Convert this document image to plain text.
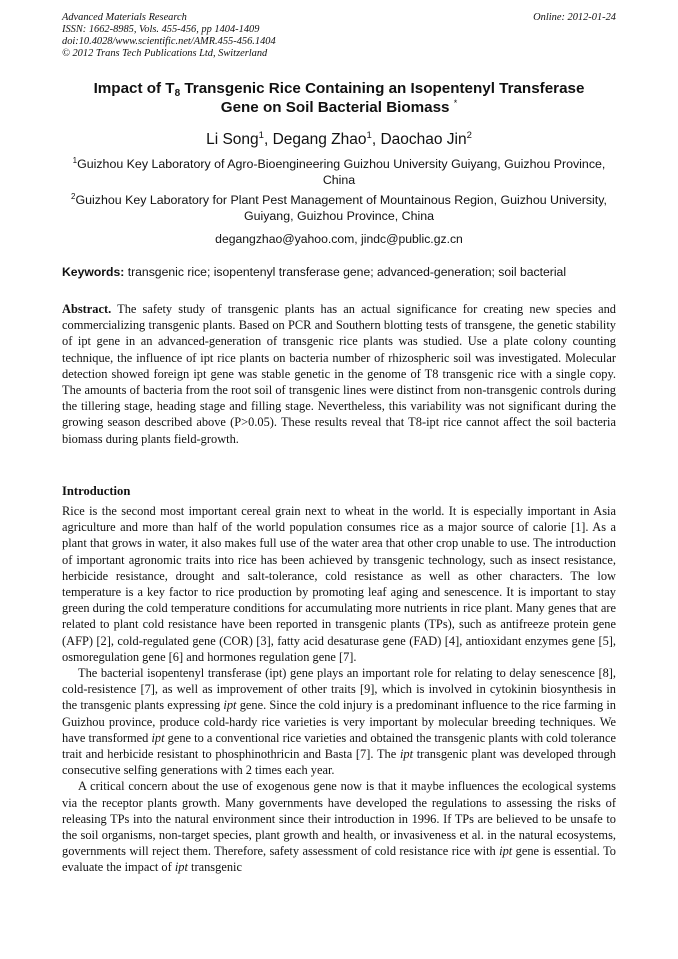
Advanced Materials Research
ISSN: 1662-8985, Vols. 455-456, pp 1404-1409
doi:10.4028/www.scientific.net/AMR.455-456.1404
© 2012 Trans Tech Publications Ltd, Switzerland
Online: 2012-01-24
Impact of $T_8$ Transgenic Rice Containing an Isopentenyl Transferase
Gene on Soil Bacterial Biomass *
Li Song$^1$, Degang Zhao$^1$, Daochao Jin$^2$
$^1$Guizhou Key Laboratory of Agro-Bioengineering Guizhou University Guiyang, Guizhou Province,
China
$^2$Guizhou Key Laboratory for Plant Pest Management of Mountainous Region, Guizhou University,
Guiyang, Guizhou Province, China
degangzhao@yahoo.com, jindc@public.gz.cn
Keywords: transgenic rice; isopentenyl transferase gene; advanced-generation; soil bacterial

Abstract. The safety study of transgenic plants has an actual significance for creating new species and commercializing transgenic plants. Based on PCR and Southern blotting tests of transgene, the genetic stability of ipt gene in an advanced-generation of transgenic rice plants was studied. Use a plate colony counting technique, the influence of ipt rice plants on bacteria number of rhizospheric soil was investigated. Molecular detection showed foreign ipt gene was stable genetic in the genome of T8 transgenic rice with a single copy. The amounts of bacteria from the root soil of transgenic lines were distinct from non-transgenic controls during the tillering stage, heading stage and filling stage. Nevertheless, this variability was not significant during the growing season described above (P>0.05). These results reveal that T8-ipt rice cannot affect the soil bacteria biomass during plants field-growth.

Introduction

Rice is the second most important cereal grain next to wheat in the world. It is especially important in Asia agriculture and more than half of the world population consumes rice as a major source of calorie [1]. As a plant that grows in water, it also makes full use of the water area that other crop unable to use. The introduction of important agronomic traits into rice has been achieved by transgenic technology, such as insect resistance, herbicide resistance, drought and salt-tolerance, cold resistance as well as other characters. The low temperature is a key factor to rice production by promoting leaf aging and senescence. It is important to stay green during the cold temperature conditions for accumulating more nutrients in rice plant. Many genes that are related to plant cold resistance have been reported in transgenic plants (TPs), such as antifreeze protein gene (AFP) [2], cold-regulated gene (COR) [3], fatty acid desaturase gene (FAD) [4], antioxidant enzymes gene [5], osmoregulation gene [6] and hormones regulation gene [7].

The bacterial isopentenyl transferase (ipt) gene plays an important role for relating to delay senescence [8], cold-resistence [7], as well as improvement of other traits [9], which is involved in cytokinin biosynthesis in the transgenic plants expressing ipt gene. Since the cold injury is a predominant influence to the rice farming in Guizhou province, produce cold-hardy rice varieties is very important by molecular breeding techniques. We have transformed ipt gene to a conventional rice varieties and obtained the transgenic plants with cold tolerance trait and herbicide resistant to phosphinothricin and Basta [7]. The ipt transgenic plant was developed through consecutive selfing generations with 2 times each year.

A critical concern about the use of exogenous gene now is that it maybe influences the ecological systems via the receptor plants growth. Many governments have developed the regulations to assessing the risks of releasing TPs into the natural environment since their introduction in 1996. If TPs are believed to be unsafe to the soil organisms, non-target species, plant growth and health, or invasiveness et al. in the natural ecosystems, governments will reject them. Therefore, safety assessment of cold resistance rice with ipt gene is essential. To evaluate the impact of ipt transgenic
